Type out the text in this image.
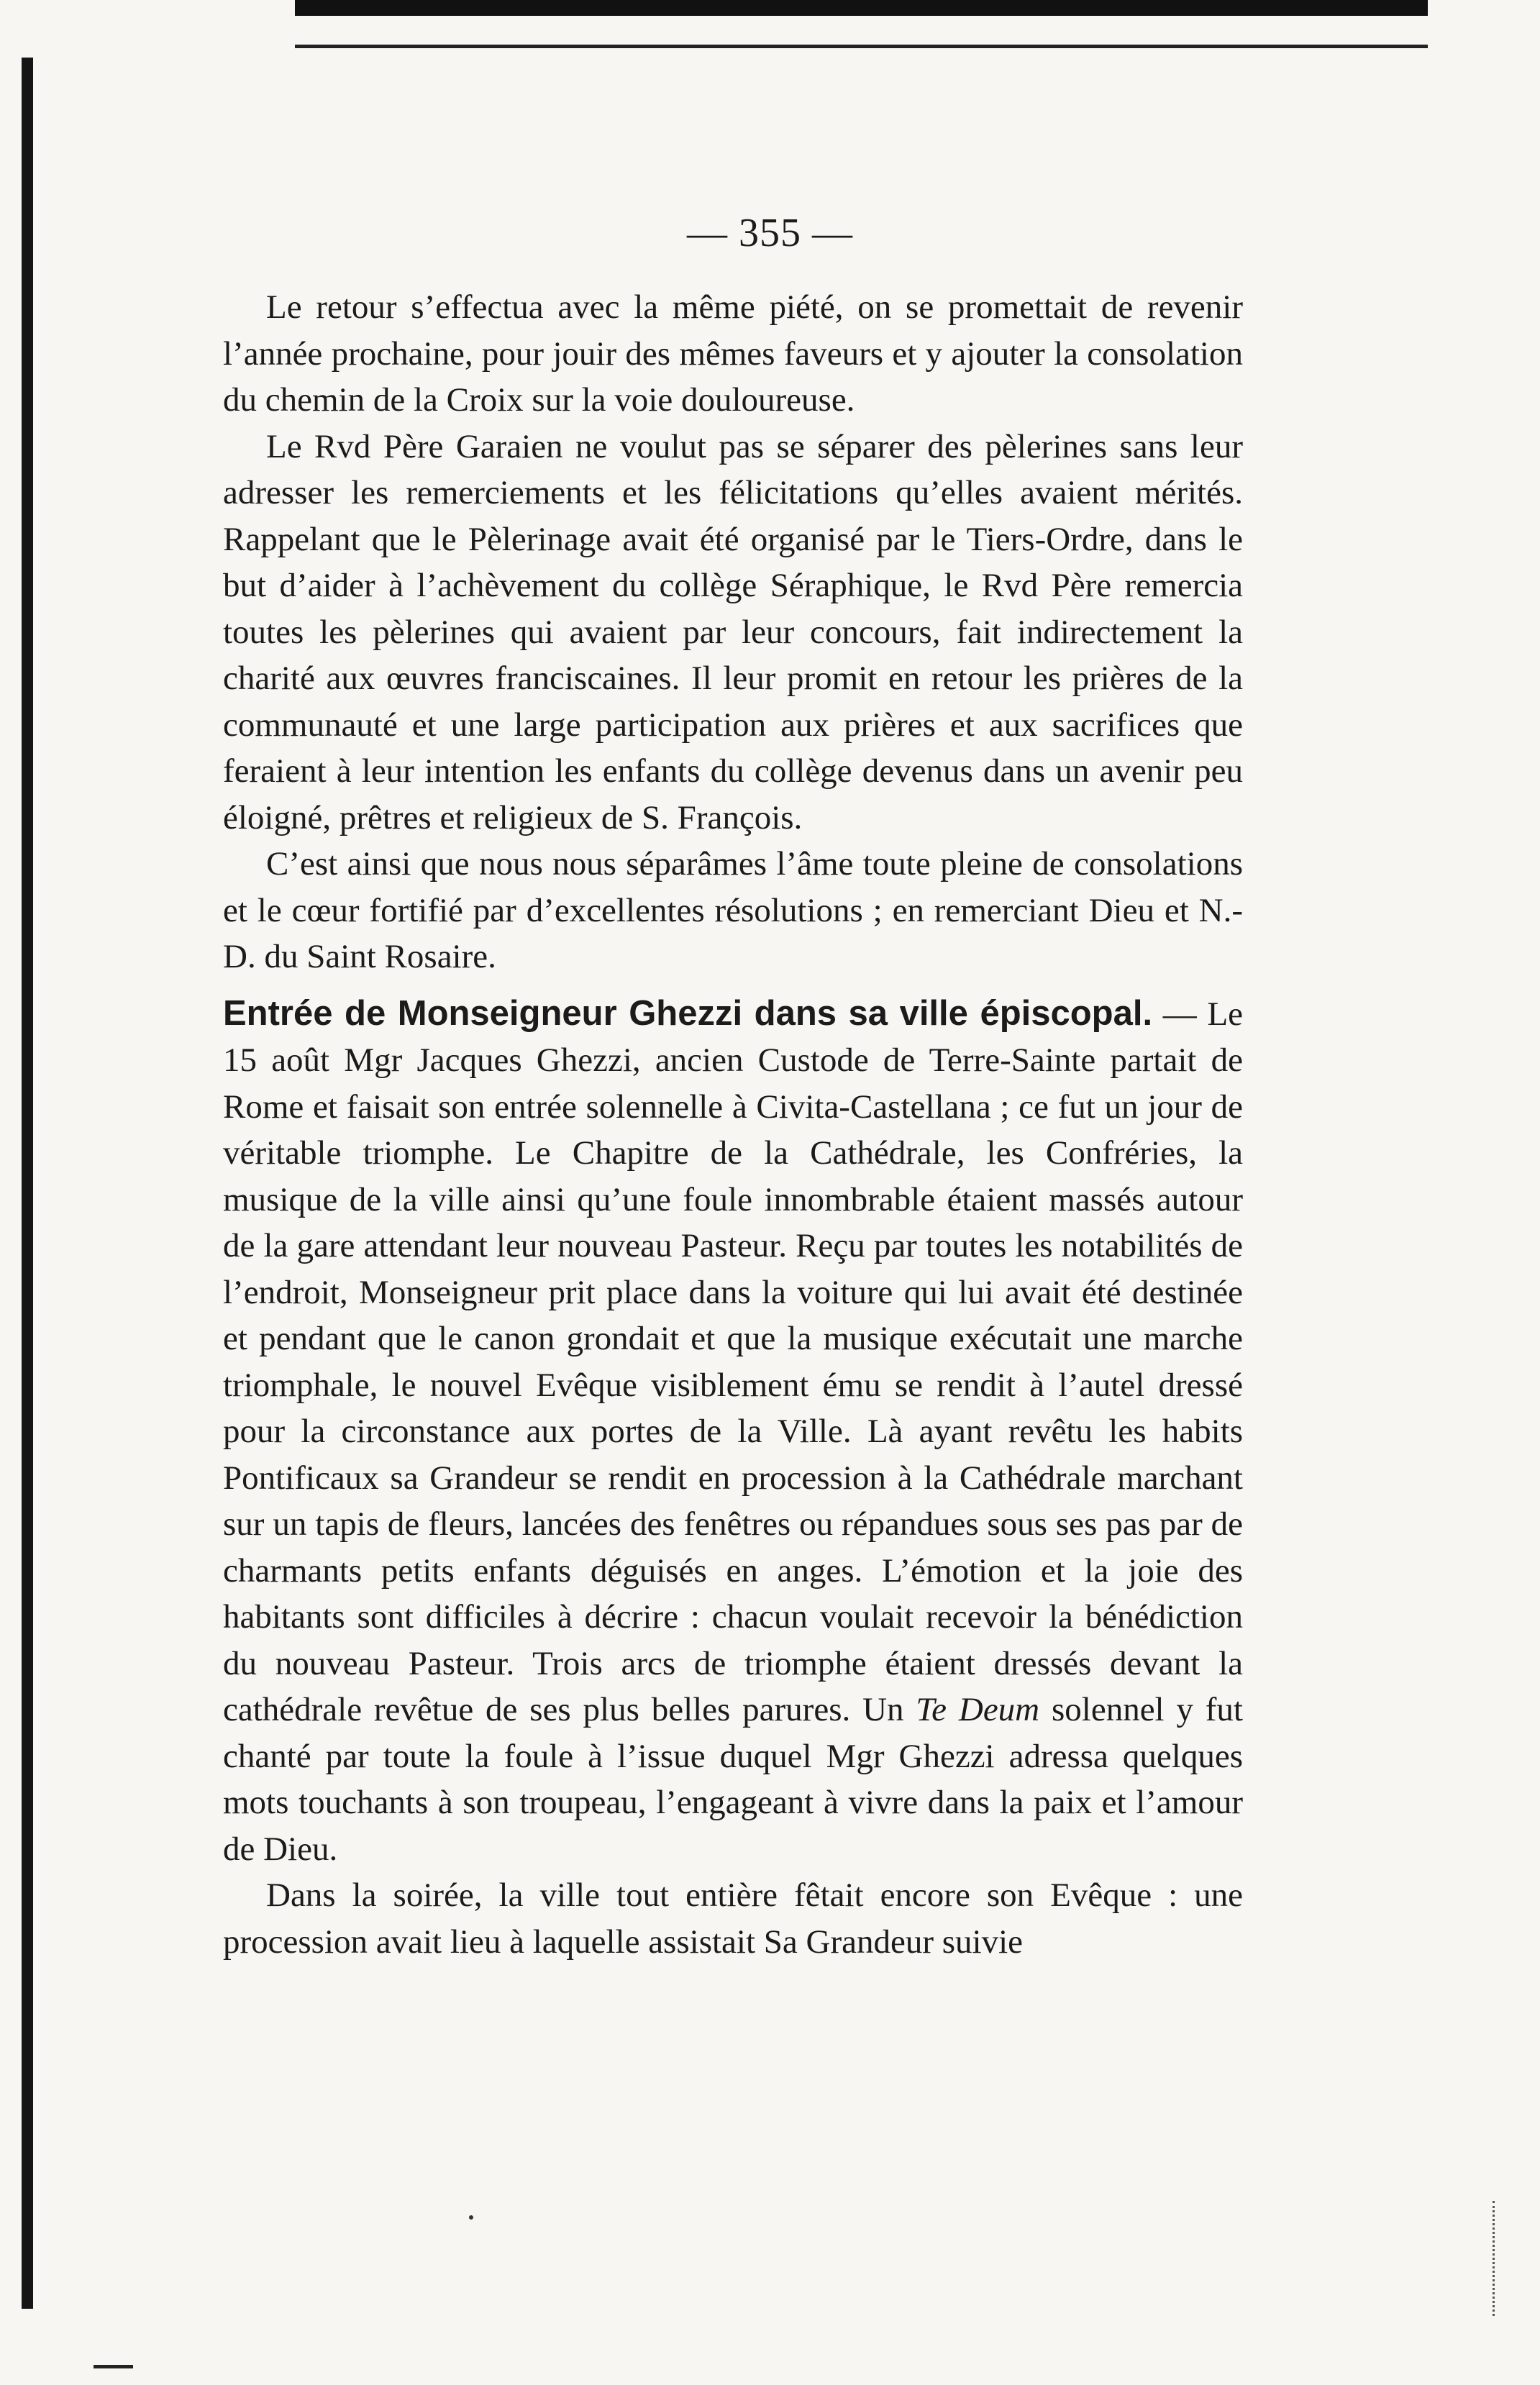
— 355 —

Le retour s’effectua avec la même piété, on se promettait de revenir l’année prochaine, pour jouir des mêmes faveurs et y ajouter la consolation du chemin de la Croix sur la voie douloureuse.

Le Rvd Père Garaien ne voulut pas se séparer des pèlerines sans leur adresser les remerciements et les félicitations qu’elles avaient mérités. Rappelant que le Pèlerinage avait été organisé par le Tiers-Ordre, dans le but d’aider à l’achèvement du collège Séraphique, le Rvd Père remercia toutes les pèlerines qui avaient par leur concours, fait indirectement la charité aux œuvres franciscaines. Il leur promit en retour les prières de la communauté et une large participation aux prières et aux sacrifices que feraient à leur intention les enfants du collège devenus dans un avenir peu éloigné, prêtres et religieux de S. François.

C’est ainsi que nous nous séparâmes l’âme toute pleine de consolations et le cœur fortifié par d’excellentes résolutions ; en remerciant Dieu et N.-D. du Saint Rosaire.

Entrée de Monseigneur Ghezzi dans sa ville épiscopal. — Le 15 août Mgr Jacques Ghezzi, ancien Custode de Terre-Sainte partait de Rome et faisait son entrée solennelle à Civita-Castellana ; ce fut un jour de véritable triomphe. Le Chapitre de la Cathédrale, les Confréries, la musique de la ville ainsi qu’une foule innombrable étaient massés autour de la gare attendant leur nouveau Pasteur. Reçu par toutes les notabilités de l’endroit, Monseigneur prit place dans la voiture qui lui avait été destinée et pendant que le canon grondait et que la musique exécutait une marche triomphale, le nouvel Evêque visiblement ému se rendit à l’autel dressé pour la circonstance aux portes de la Ville. Là ayant revêtu les habits Pontificaux sa Grandeur se rendit en procession à la Cathédrale marchant sur un tapis de fleurs, lancées des fenêtres ou répandues sous ses pas par de charmants petits enfants déguisés en anges. L’émotion et la joie des habitants sont difficiles à décrire : chacun voulait recevoir la bénédiction du nouveau Pasteur. Trois arcs de triomphe étaient dressés devant la cathédrale revêtue de ses plus belles parures. Un Te Deum solennel y fut chanté par toute la foule à l’issue duquel Mgr Ghezzi adressa quelques mots touchants à son troupeau, l’engageant à vivre dans la paix et l’amour de Dieu.

Dans la soirée, la ville tout entière fêtait encore son Evêque : une procession avait lieu à laquelle assistait Sa Grandeur suivie
